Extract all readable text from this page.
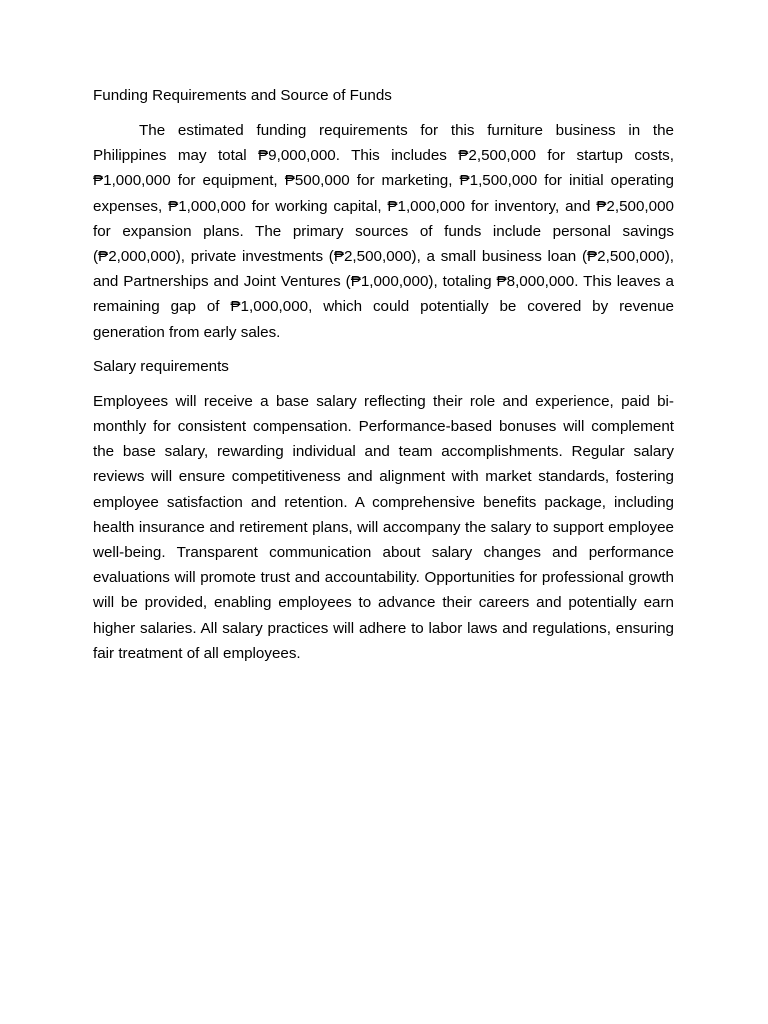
Funding Requirements and Source of Funds

The estimated funding requirements for this furniture business in the Philippines may total ₱9,000,000. This includes ₱2,500,000 for startup costs, ₱1,000,000 for equipment, ₱500,000 for marketing, ₱1,500,000 for initial operating expenses, ₱1,000,000 for working capital, ₱1,000,000 for inventory, and ₱2,500,000 for expansion plans. The primary sources of funds include personal savings (₱2,000,000), private investments (₱2,500,000), a small business loan (₱2,500,000), and Partnerships and Joint Ventures (₱1,000,000), totaling ₱8,000,000. This leaves a remaining gap of ₱1,000,000, which could potentially be covered by revenue generation from early sales.

Salary requirements

Employees will receive a base salary reflecting their role and experience, paid bi-monthly for consistent compensation. Performance-based bonuses will complement the base salary, rewarding individual and team accomplishments. Regular salary reviews will ensure competitiveness and alignment with market standards, fostering employee satisfaction and retention. A comprehensive benefits package, including health insurance and retirement plans, will accompany the salary to support employee well-being. Transparent communication about salary changes and performance evaluations will promote trust and accountability. Opportunities for professional growth will be provided, enabling employees to advance their careers and potentially earn higher salaries. All salary practices will adhere to labor laws and regulations, ensuring fair treatment of all employees.
